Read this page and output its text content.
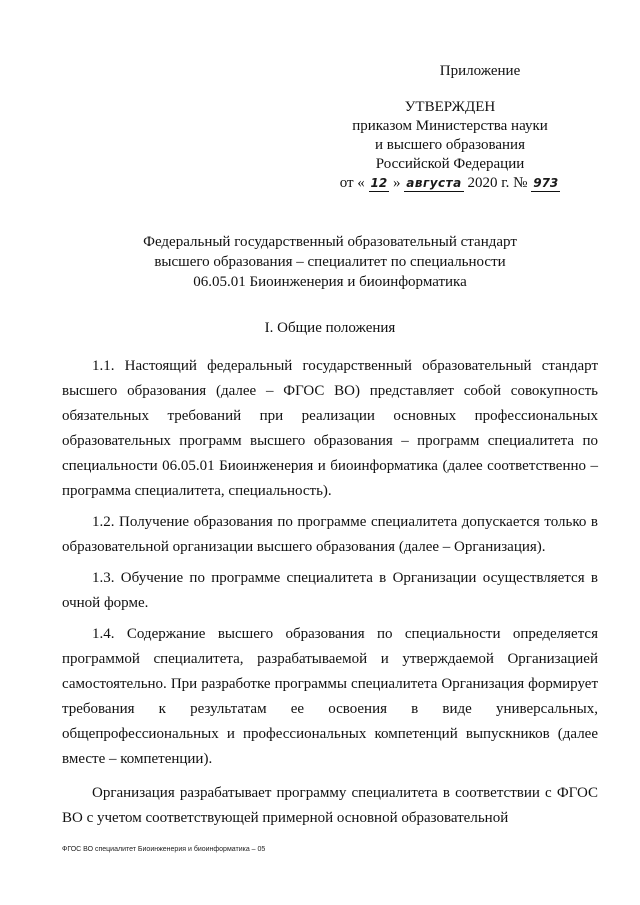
Приложение
УТВЕРЖДЕН
приказом Министерства науки
и высшего образования
Российской Федерации
от « 12 » августа 2020 г. № 973
Федеральный государственный образовательный стандарт
высшего образования – специалитет по специальности
06.05.01 Биоинженерия и биоинформатика
I. Общие положения

1.1. Настоящий федеральный государственный образовательный стандарт высшего образования (далее – ФГОС ВО) представляет собой совокупность обязательных требований при реализации основных профессиональных образовательных программ высшего образования – программ специалитета по специальности 06.05.01 Биоинженерия и биоинформатика (далее соответственно – программа специалитета, специальность).

1.2. Получение образования по программе специалитета допускается только в образовательной организации высшего образования (далее – Организация).

1.3. Обучение по программе специалитета в Организации осуществляется в очной форме.

1.4. Содержание высшего образования по специальности определяется программой специалитета, разрабатываемой и утверждаемой Организацией самостоятельно. При разработке программы специалитета Организация формирует требования к результатам ее освоения в виде универсальных, общепрофессиональных и профессиональных компетенций выпускников (далее вместе – компетенции).

Организация разрабатывает программу специалитета в соответствии с ФГОС ВО с учетом соответствующей примерной основной образовательной

ФГОС ВО специалитет Биоинженерия и биоинформатика – 05
